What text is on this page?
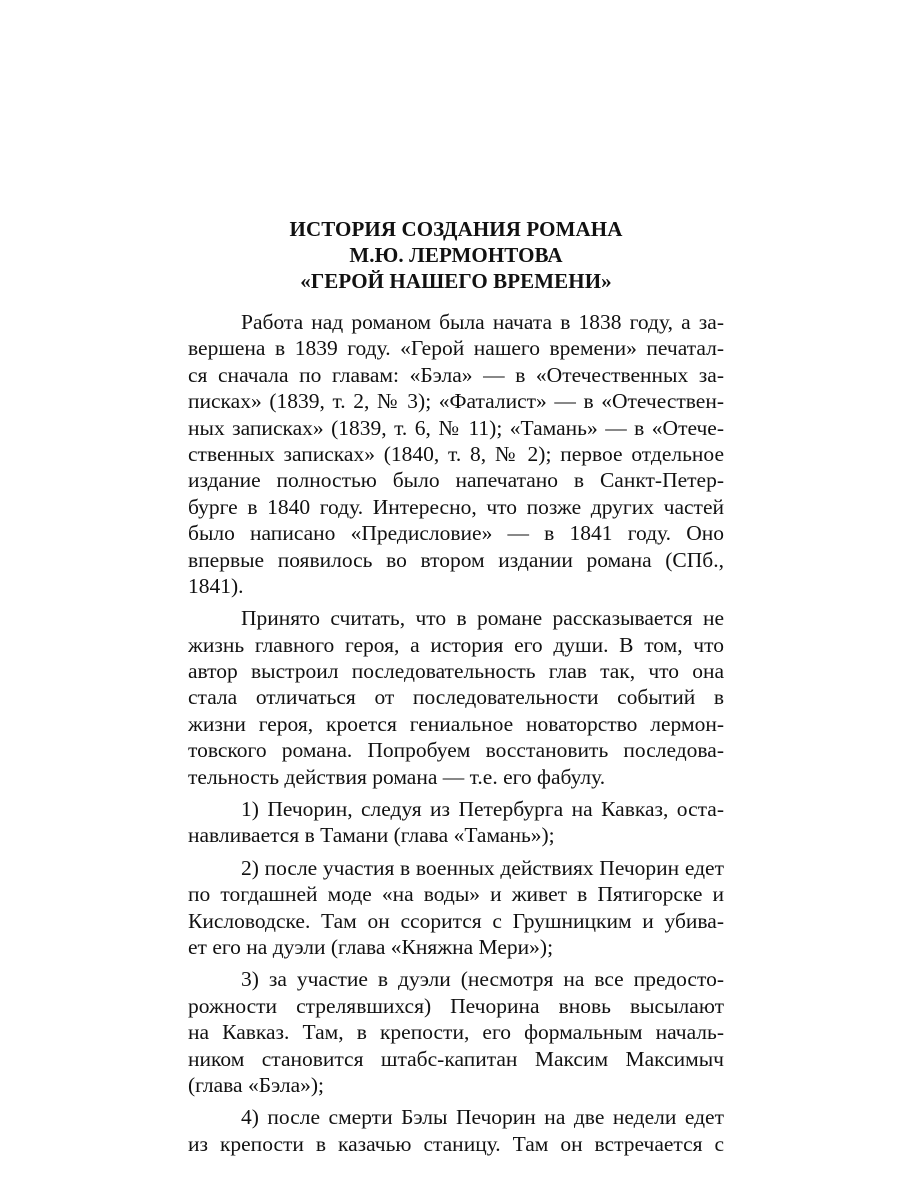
ИСТОРИЯ СОЗДАНИЯ РОМАНА
М.Ю. ЛЕРМОНТОВА
«ГЕРОЙ НАШЕГО ВРЕМЕНИ»
Работа над романом была начата в 1838 году, а за-
вершена в 1839 году. «Герой нашего времени» печатал-
ся сначала по главам: «Бэла» — в «Отечественных за-
писках» (1839, т. 2, № 3); «Фаталист» — в «Отечествен-
ных записках» (1839, т. 6, № 11); «Тамань» — в «Отече-
ственных записках» (1840, т. 8, № 2); первое отдельное
издание полностью было напечатано в Санкт-Петер-
бурге в 1840 году. Интересно, что позже других частей
было написано «Предисловие» — в 1841 году. Оно
впервые появилось во втором издании романа (СПб.,
1841).
Принято считать, что в романе рассказывается не
жизнь главного героя, а история его души. В том, что
автор выстроил последовательность глав так, что она
стала отличаться от последовательности событий в
жизни героя, кроется гениальное новаторство лермон-
товского романа. Попробуем восстановить последова-
тельность действия романа — т.е. его фабулу.
1) Печорин, следуя из Петербурга на Кавказ, оста-
навливается в Тамани (глава «Тамань»);
2) после участия в военных действиях Печорин едет
по тогдашней моде «на воды» и живет в Пятигорске и
Кисловодске. Там он ссорится с Грушницким и убива-
ет его на дуэли (глава «Княжна Мери»);
3) за участие в дуэли (несмотря на все предосто-
рожности стрелявшихся) Печорина вновь высылают
на Кавказ. Там, в крепости, его формальным началь-
ником становится штабс-капитан Максим Максимыч
(глава «Бэла»);
4) после смерти Бэлы Печорин на две недели едет
из крепости в казачью станицу. Там он встречается с
